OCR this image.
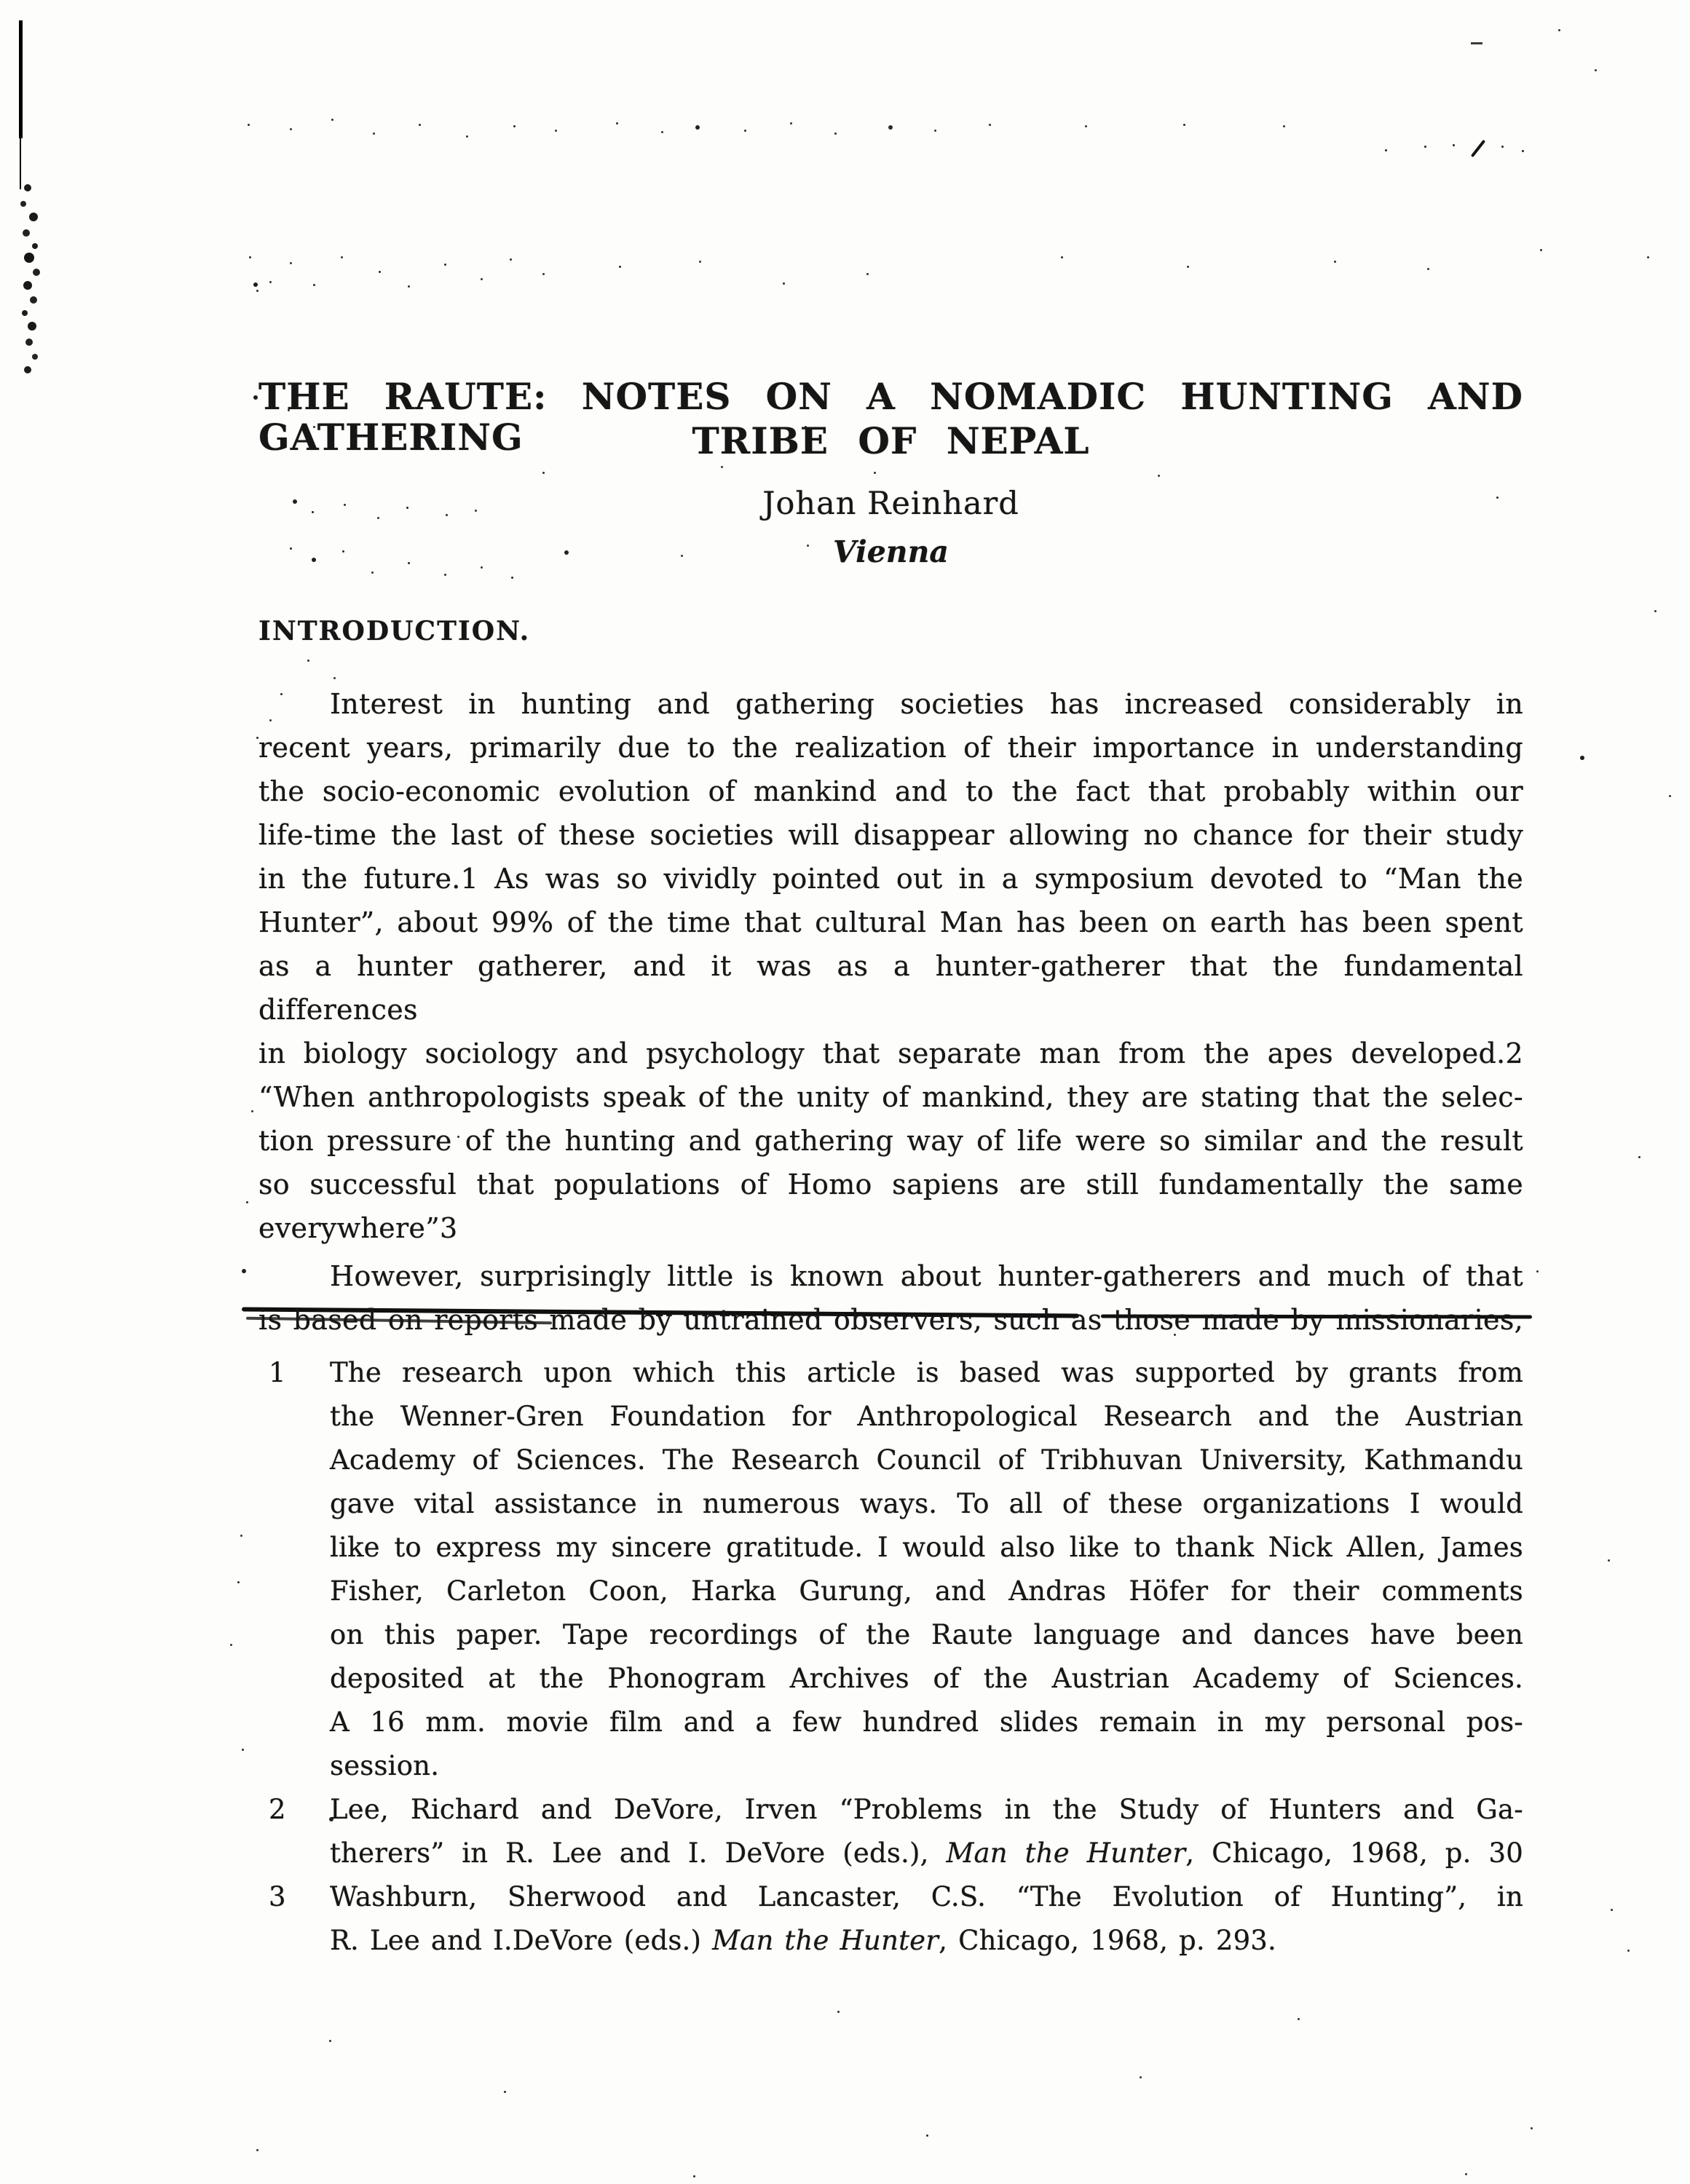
THE RAUTE: NOTES ON A NOMADIC HUNTING AND GATHERING	TRIBE OF NEPAL
Johan Reinhard
Vienna
INTRODUCTION.
Interest in hunting and gathering societies has increased considerably in
recent years, primarily due to the realization of their importance in understanding
the socio-economic evolution of mankind and to the fact that probably within our
life-time the last of these societies will disappear allowing no chance for their study
in the future.1 As was so vividly pointed out in a symposium devoted to “Man the
Hunter”, about 99% of the time that cultural Man has been on earth has been spent
as a hunter gatherer, and it was as a hunter-gatherer that the fundamental differences
in biology sociology and psychology that separate man from the apes developed.2
“When anthropologists speak of the unity of mankind, they are stating that the selec-
tion pressure of the hunting and gathering way of life were so similar and the result
so successful that populations of Homo sapiens are still fundamentally the same
everywhere”3
However, surprisingly little is known about hunter-gatherers and much of that
is based on reports made by untrained observers, such as those made by missionaries,
1	The research upon which this article is based was supported by grants from
the Wenner-Gren Foundation for Anthropological Research and the Austrian
Academy of Sciences. The Research Council of Tribhuvan University, Kathmandu
gave vital assistance in numerous ways. To all of these organizations I would
like to express my sincere gratitude. I would also like to thank Nick Allen, James
Fisher, Carleton Coon, Harka Gurung, and Andras Höfer for their comments
on this paper. Tape recordings of the Raute language and dances have been
deposited at the Phonogram Archives of the Austrian Academy of Sciences.
A 16 mm. movie film and a few hundred slides remain in my personal pos-
session.
2	Lee, Richard and DeVore, Irven “Problems in the Study of Hunters and Ga-
therers” in R. Lee and I. DeVore (eds.), Man the Hunter, Chicago, 1968, p. 30
3	Washburn, Sherwood and Lancaster, C.S. “The Evolution of Hunting”, in
R. Lee and I.DeVore (eds.) Man the Hunter, Chicago, 1968, p. 293.
